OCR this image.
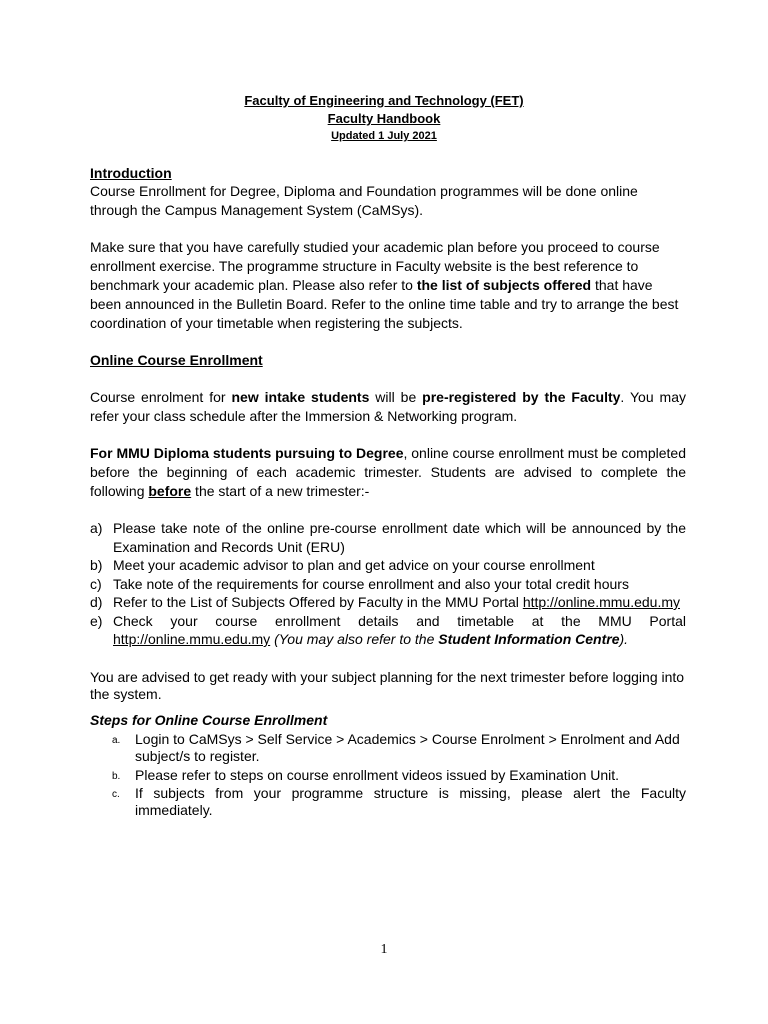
Faculty of Engineering and Technology (FET)
Faculty Handbook
Updated 1 July 2021
Introduction
Course Enrollment for Degree, Diploma and Foundation programmes will be done online through the Campus Management System (CaMSys).
Make sure that you have carefully studied your academic plan before you proceed to course enrollment exercise. The programme structure in Faculty website is the best reference to benchmark your academic plan. Please also refer to the list of subjects offered that have been announced in the Bulletin Board. Refer to the online time table and try to arrange the best coordination of your timetable when registering the subjects.
Online Course Enrollment
Course enrolment for new intake students will be pre-registered by the Faculty. You may refer your class schedule after the Immersion & Networking program.
For MMU Diploma students pursuing to Degree, online course enrollment must be completed before the beginning of each academic trimester. Students are advised to complete the following before the start of a new trimester:-
a) Please take note of the online pre-course enrollment date which will be announced by the Examination and Records Unit (ERU)
b) Meet your academic advisor to plan and get advice on your course enrollment
c) Take note of the requirements for course enrollment and also your total credit hours
d) Refer to the List of Subjects Offered by Faculty in the MMU Portal http://online.mmu.edu.my
e) Check your course enrollment details and timetable at the MMU Portal http://online.mmu.edu.my (You may also refer to the Student Information Centre).
You are advised to get ready with your subject planning for the next trimester before logging into the system.
Steps for Online Course Enrollment
a. Login to CaMSys > Self Service > Academics > Course Enrolment > Enrolment and Add subject/s to register.
b. Please refer to steps on course enrollment videos issued by Examination Unit.
c. If subjects from your programme structure is missing, please alert the Faculty immediately.
1
